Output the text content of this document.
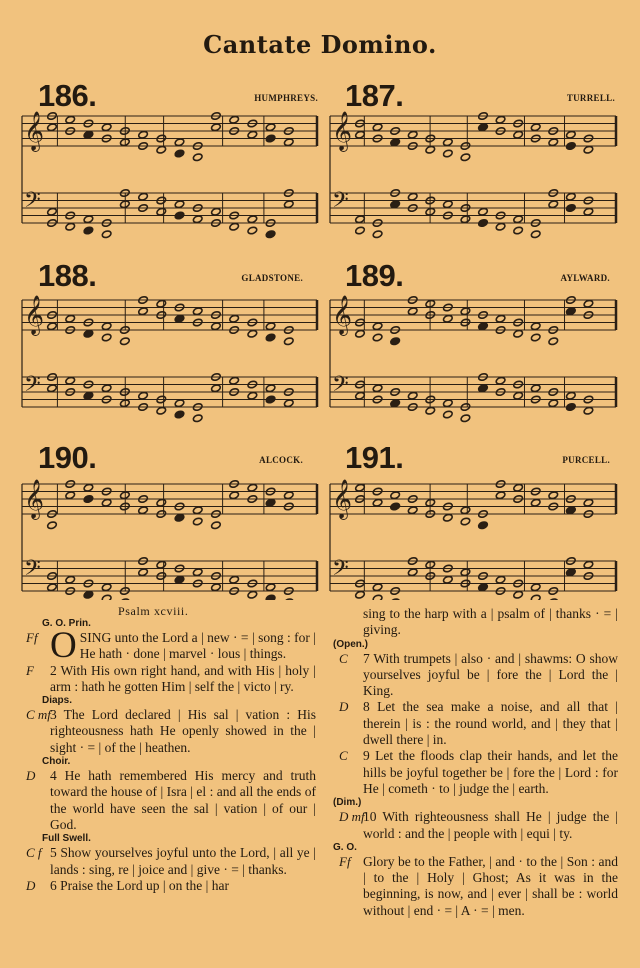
Cantate Domino.
186.	HUMPHREYS. 187.	TURRELL.
188.	GLADSTONE. 189.	AYLWARD.
190.	ALCOCK. 191.	PURCELL.
𝄞
𝄢
𝄞
𝄢
𝄞
𝄢
𝄞
𝄢
𝄞
𝄢
𝄞
𝄢
Psalm xcviii.
G. O. Prin.
Ff O SING unto the Lord a | new · = | song : for | He hath · done | marvel · lous | things.
F 2 With His own right hand, and with His | holy | arm : hath he gotten Him | self the | victo | ry.
Diaps.
C mf 3 The Lord declared | His sal | vation : His righteousness hath He openly showed in the | sight · = | of the | heathen.
Choir.
D 4 He hath remembered His mercy and truth toward the house of | Isra | el : and all the ends of the world have seen the sal | vation | of our | God.
Full Swell.
C f 5 Show yourselves joyful unto the Lord, | all ye | lands : sing, re | joice and | give · = | thanks.
D 6 Praise the Lord up | on the | har
sing to the harp with a | psalm of | thanks · = | giving.
(Open.)
C 7 With trumpets | also · and | shawms: O show yourselves joyful be | fore the | Lord the | King.
D 8 Let the sea make a noise, and all that | therein | is : the round world, and | they that | dwell there | in.
C 9 Let the floods clap their hands, and let the hills be joyful together be | fore the | Lord : for He | cometh · to | judge the | earth.
(Dim.)
D mf
10 With righteousness shall He | judge the | world : and the | people with | equi | ty.
G. O.
Ff Glory be to the Father, | and · to the | Son : and | to the | Holy | Ghost; As it was in the beginning, is now, and | ever | shall be : world without | end · = | A · = | men.
